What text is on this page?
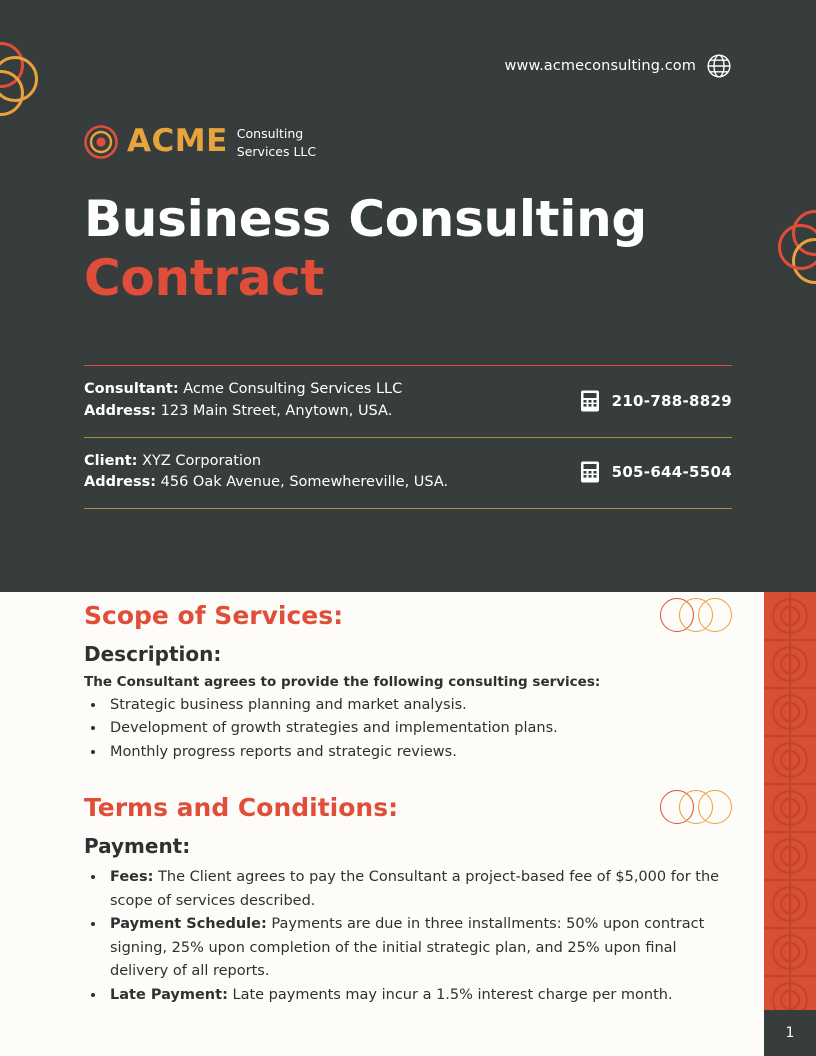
www.acmeconsulting.com
ACME Consulting
Services LLC
Business Consulting
Contract
Consultant: Acme Consulting Services LLC
Address: 123 Main Street, Anytown, USA.
210-788-8829
Client: XYZ Corporation
Address: 456 Oak Avenue, Somewhereville, USA.
505-644-5504
Scope of Services:
Description:
The Consultant agrees to provide the following consulting services:
• Strategic business planning and market analysis.
• Development of growth strategies and implementation plans.
• Monthly progress reports and strategic reviews.
Terms and Conditions:
Payment:
• Fees: The Client agrees to pay the Consultant a project-based fee of $5,000 for the scope of services described.
• Payment Schedule: Payments are due in three installments: 50% upon contract signing, 25% upon completion of the initial strategic plan, and 25% upon final delivery of all reports.
• Late Payment: Late payments may incur a 1.5% interest charge per month.
1
